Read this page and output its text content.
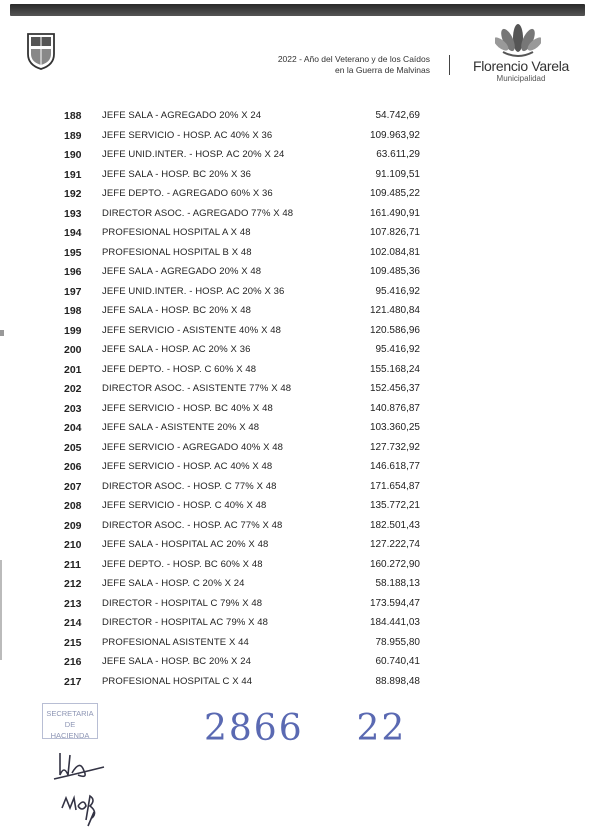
2022 - Año del Veterano y de los Caídos
en la Guerra de Malvinas	Florencio Varela
Municipalidad
188 JEFE SALA - AGREGADO 20% X 24	54.742,69
189 JEFE SERVICIO - HOSP. AC 40% X 36	109.963,92
190 JEFE UNID.INTER. - HOSP. AC 20% X 24	63.611,29
191 JEFE SALA - HOSP. BC 20% X 36	91.109,51
192 JEFE DEPTO. - AGREGADO 60% X 36	109.485,22
193 DIRECTOR ASOC. - AGREGADO 77% X 48	161.490,91
194 PROFESIONAL HOSPITAL A X 48	107.826,71
195 PROFESIONAL HOSPITAL B X 48	102.084,81
196 JEFE SALA - AGREGADO 20% X 48	109.485,36
197 JEFE UNID.INTER. - HOSP. AC 20% X 36	95.416,92
198 JEFE SALA - HOSP. BC 20% X 48	121.480,84
199 JEFE SERVICIO - ASISTENTE 40% X 48	120.586,96
200 JEFE SALA - HOSP. AC 20% X 36	95.416,92
201 JEFE DEPTO. - HOSP. C 60% X 48	155.168,24
202 DIRECTOR ASOC. - ASISTENTE 77% X 48	152.456,37
203 JEFE SERVICIO - HOSP. BC 40% X 48	140.876,87
204 JEFE SALA - ASISTENTE 20% X 48	103.360,25
205 JEFE SERVICIO - AGREGADO 40% X 48	127.732,92
206 JEFE SERVICIO - HOSP. AC 40% X 48	146.618,77
207 DIRECTOR ASOC. - HOSP. C 77% X 48	171.654,87
208 JEFE SERVICIO - HOSP. C 40% X 48	135.772,21
209 DIRECTOR ASOC. - HOSP. AC 77% X 48	182.501,43
210 JEFE SALA - HOSPITAL AC 20% X 48	127.222,74
211 JEFE DEPTO. - HOSP. BC 60% X 48	160.272,90
212 JEFE SALA - HOSP. C 20% X 24	58.188,13
213 DIRECTOR - HOSPITAL C 79% X 48	173.594,47
214 DIRECTOR - HOSPITAL AC 79% X 48	184.441,03
215 PROFESIONAL ASISTENTE X 44	78.955,80
216 JEFE SALA - HOSP. BC 20% X 24	60.740,41
217 PROFESIONAL HOSPITAL C X 44	88.898,48
SECRETARIA
DE
HACIENDA	2866 22
